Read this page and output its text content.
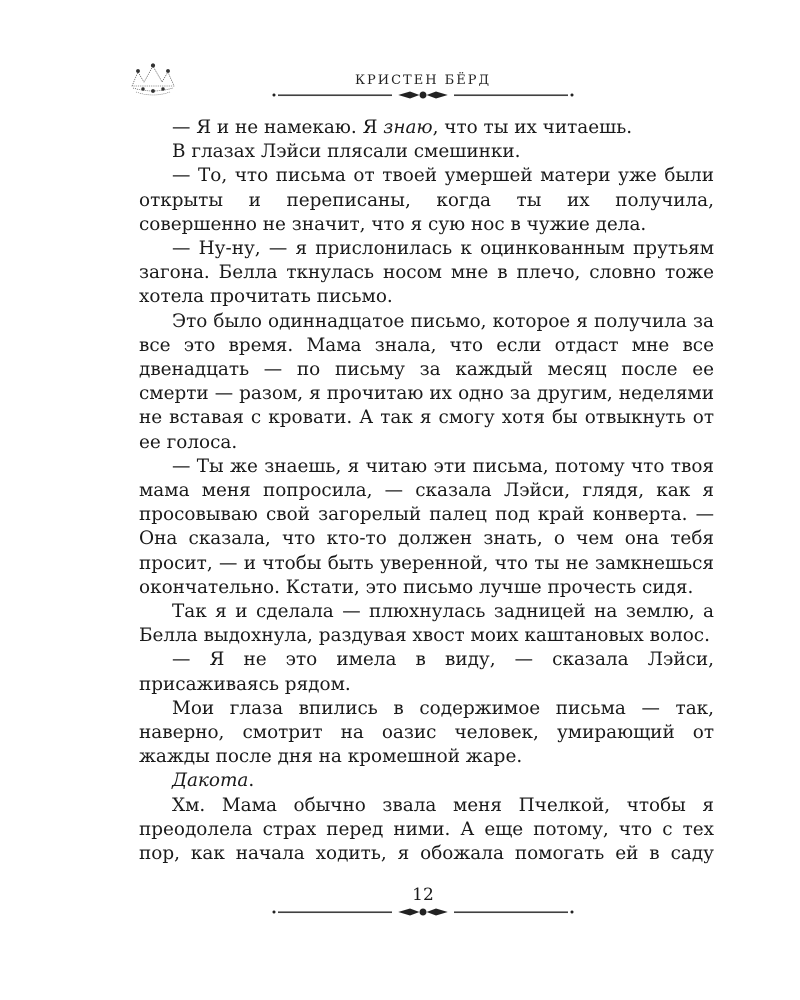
КРИСТЕН БЁРД

— Я и не намекаю. Я знаю, что ты их читаешь.

В глазах Лэйси плясали смешинки.

— То, что письма от твоей умершей матери уже были открыты и переписаны, когда ты их получила, совершенно не значит, что я сую нос в чужие дела.

— Ну-ну, — я прислонилась к оцинкованным прутьям загона. Белла ткнулась носом мне в плечо, словно тоже хотела прочитать письмо.

Это было одиннадцатое письмо, которое я получила за все это время. Мама знала, что если отдаст мне все двенадцать — по письму за каждый месяц после ее смерти — разом, я прочитаю их одно за другим, неделями не вставая с кровати. А так я смогу хотя бы отвыкнуть от ее голоса.

— Ты же знаешь, я читаю эти письма, потому что твоя мама меня попросила, — сказала Лэйси, глядя, как я просовываю свой загорелый палец под край конверта. — Она сказала, что кто-то должен знать, о чем она тебя просит, — и чтобы быть уверенной, что ты не замкнешься окончательно. Кстати, это письмо лучше прочесть сидя.

Так я и сделала — плюхнулась задницей на землю, а Белла выдохнула, раздувая хвост моих каштановых волос.

— Я не это имела в виду, — сказала Лэйси, присаживаясь рядом.

Мои глаза впились в содержимое письма — так, наверно, смотрит на оазис человек, умирающий от жажды после дня на кромешной жаре.

Дакота.

Хм. Мама обычно звала меня Пчелкой, чтобы я преодолела страх перед ними. А еще потому, что с тех пор, как начала ходить, я обожала помогать ей в саду

12
